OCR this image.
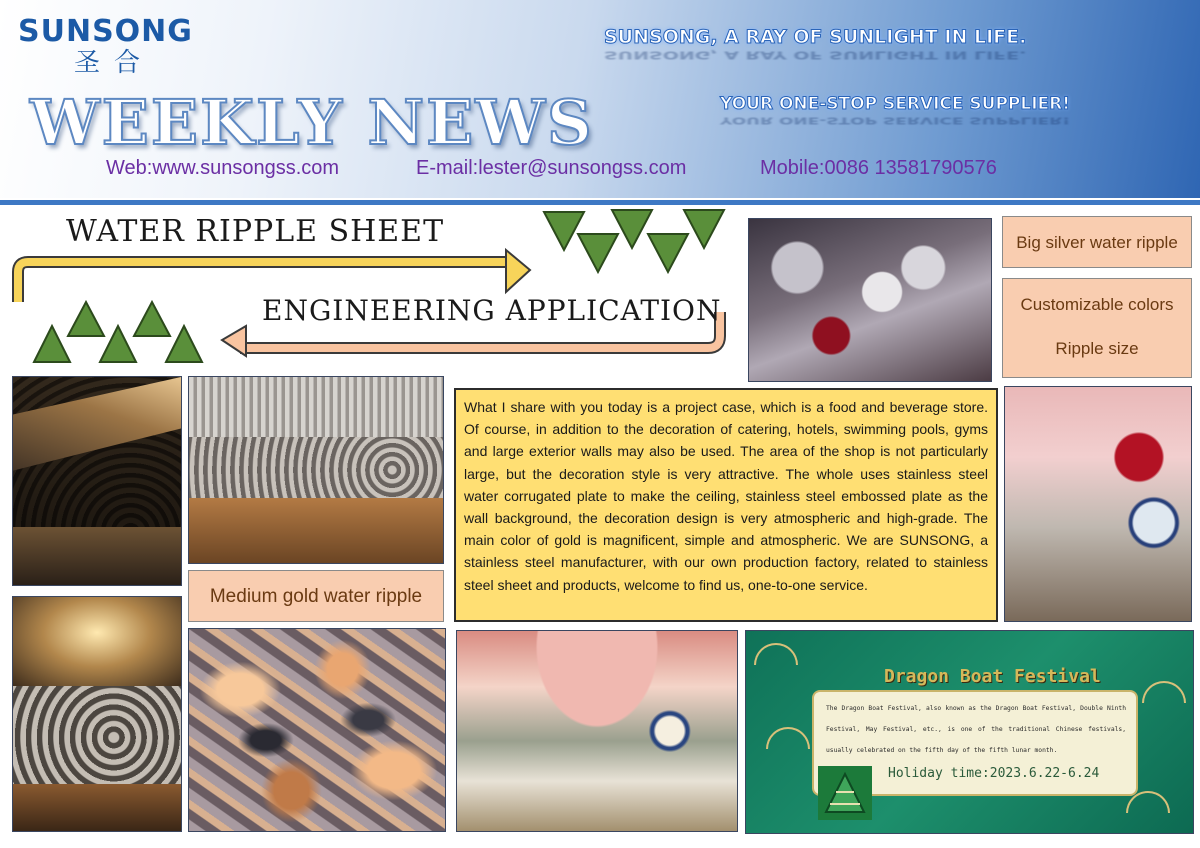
SUNSONG
圣合
WEEKLY NEWS
SUNSONG, A RAY OF SUNLIGHT IN LIFE.
SUNSONG, A RAY OF SUNLIGHT IN LIFE.
YOUR ONE-STOP SERVICE SUPPLIER!
YOUR ONE-STOP SERVICE SUPPLIER!
Web:www.sunsongss.com	E-mail:lester@sunsongss.com	Mobile:0086 13581790576
WATER RIPPLE SHEET
ENGINEERING APPLICATION
Big silver water ripple
Customizable colors
Ripple size
Medium gold water ripple
What I share with you today is a project case, which is a food and beverage store. Of course, in addition to the decoration of catering, hotels, swimming pools, gyms and large exterior walls may also be used. The area of the shop is not particularly large, but the decoration style is very attractive. The whole uses stainless steel water corrugated plate to make the ceiling, stainless steel embossed plate as the wall background, the decoration design is very atmospheric and high-grade. The main color of gold is magnificent, simple and atmospheric. We are SUNSONG, a stainless steel manufacturer, with our own production factory, related to stainless steel sheet and products, welcome to find us, one-to-one service.
Dragon Boat Festival
The Dragon Boat Festival, also known as the Dragon Boat Festival, Double Ninth Festival, May Festival, etc., is one of the traditional Chinese festivals, usually celebrated on the fifth day of the fifth lunar month.
Holiday time:2023.6.22-6.24
